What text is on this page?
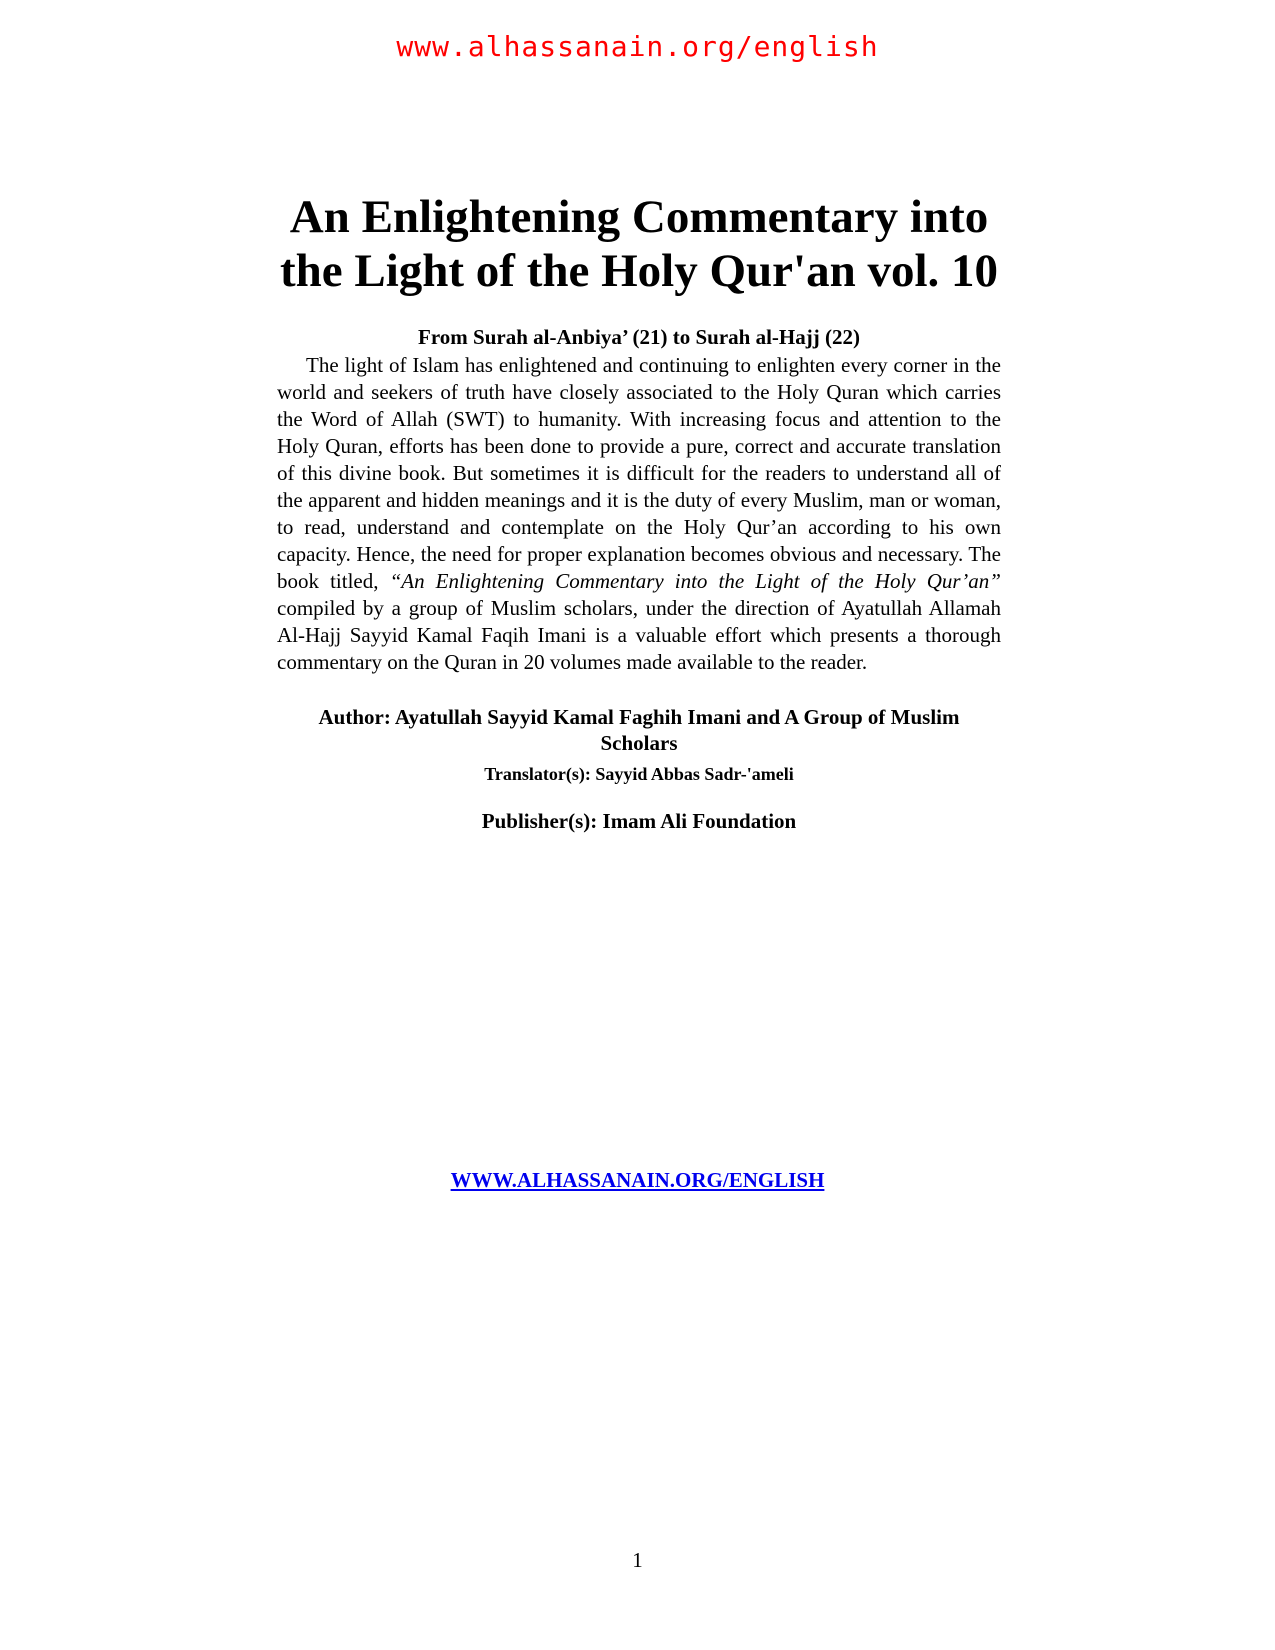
www.alhassanain.org/english
An Enlightening Commentary into
the Light of the Holy Qur'an vol. 10

From Surah al-Anbiya’ (21) to Surah al-Hajj (22)

The light of Islam has enlightened and continuing to enlighten every corner in the world and seekers of truth have closely associated to the Holy Quran which carries the Word of Allah (SWT) to humanity. With increasing focus and attention to the Holy Quran, efforts has been done to provide a pure, correct and accurate translation of this divine book. But sometimes it is difficult for the readers to understand all of the apparent and hidden meanings and it is the duty of every Muslim, man or woman, to read, understand and contemplate on the Holy Qur’an according to his own capacity. Hence, the need for proper explanation becomes obvious and necessary. The book titled, “An Enlightening Commentary into the Light of the Holy Qur’an” compiled by a group of Muslim scholars, under the direction of Ayatullah Allamah Al-Hajj Sayyid Kamal Faqih Imani is a valuable effort which presents a thorough commentary on the Quran in 20 volumes made available to the reader.

Author: Ayatullah Sayyid Kamal Faghih Imani and A Group of Muslim Scholars

Translator(s): Sayyid Abbas Sadr-'ameli

Publisher(s): Imam Ali Foundation

WWW.ALHASSANAIN.ORG/ENGLISH
1
